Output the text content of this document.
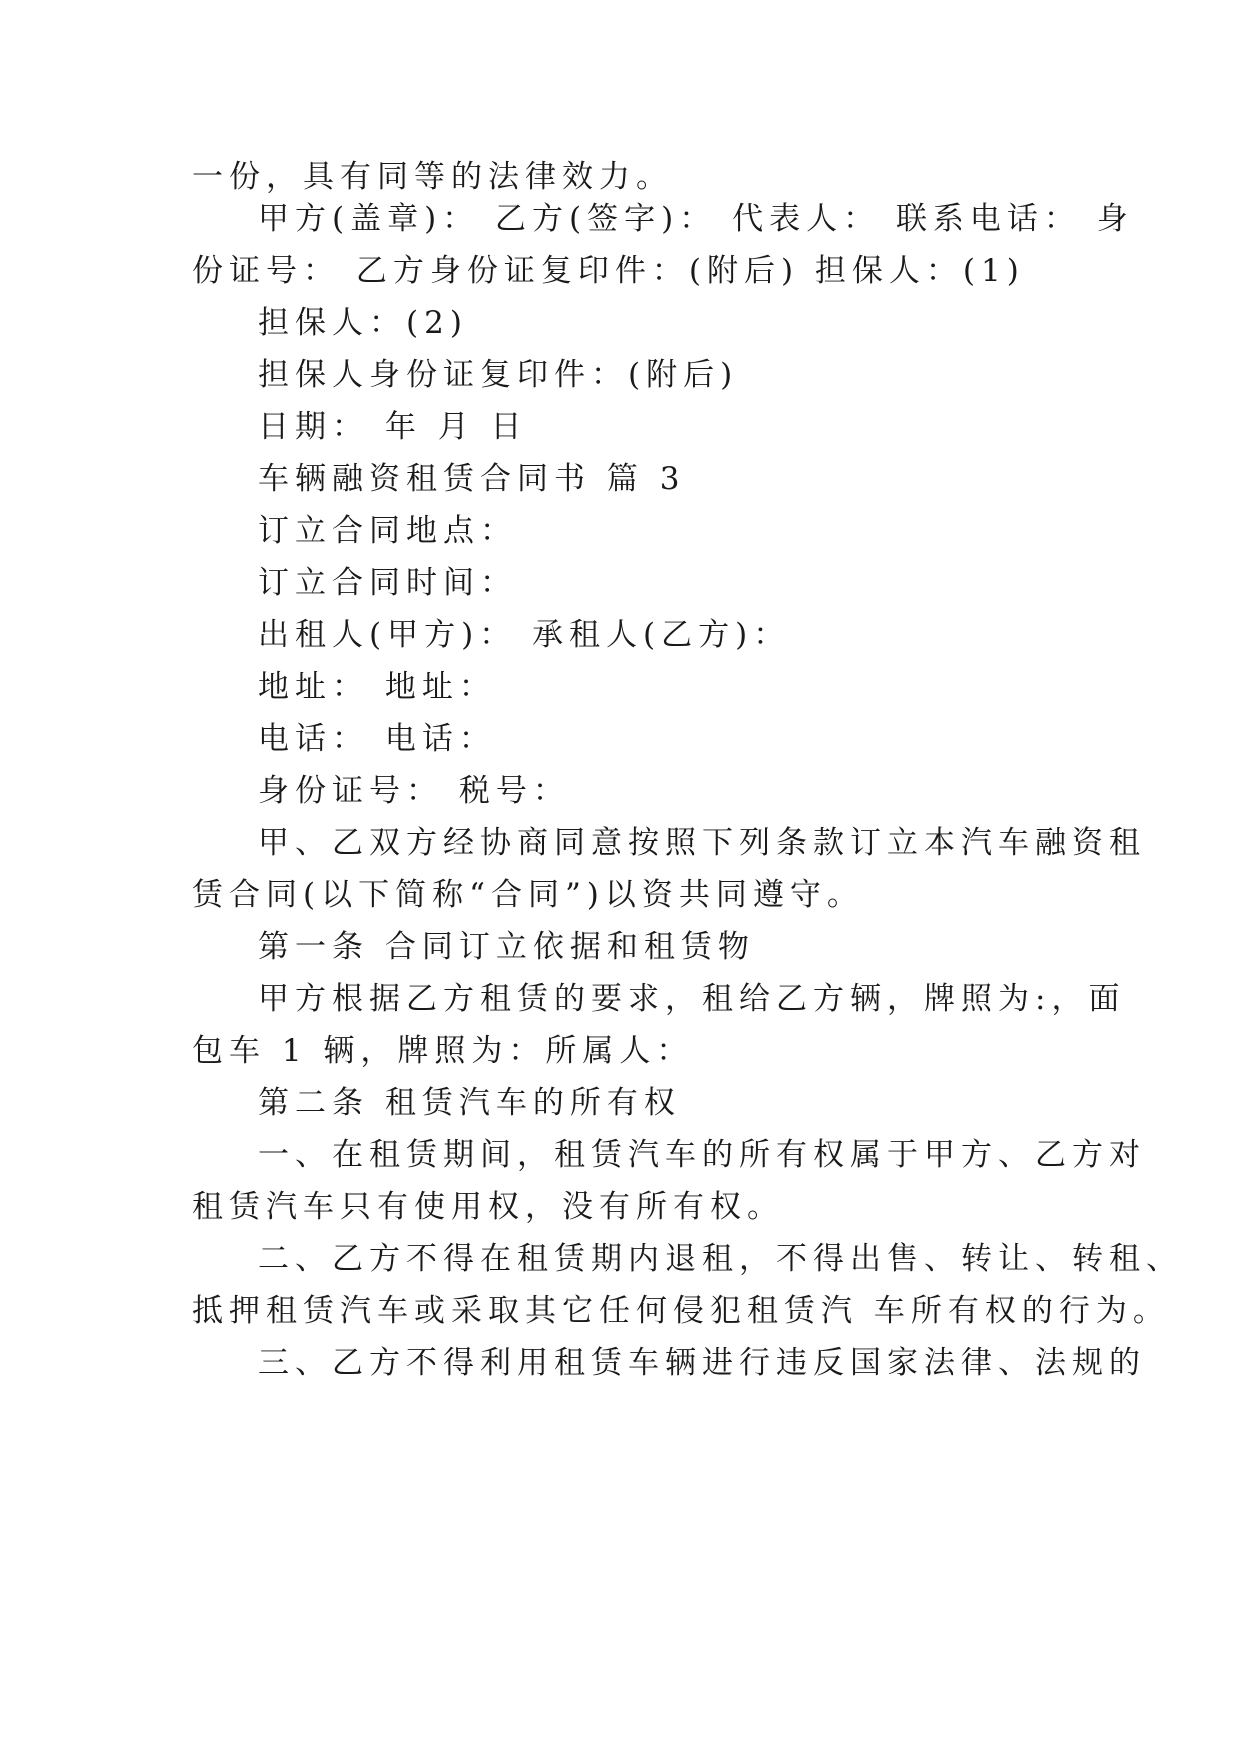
一份，具有同等的法律效力。
甲方(盖章)： 乙方(签字)： 代表人： 联系电话： 身
份证号： 乙方身份证复印件：(附后) 担保人：(1)
担保人：(2)
担保人身份证复印件：(附后)
日期： 年 月 日
车辆融资租赁合同书 篇 3
订立合同地点：
订立合同时间：
出租人(甲方)： 承租人(乙方)：
地址： 地址：
电话： 电话：
身份证号： 税号：
甲、乙双方经协商同意按照下列条款订立本汽车融资租
赁合同(以下简称“合同”)以资共同遵守。
第一条 合同订立依据和租赁物
甲方根据乙方租赁的要求，租给乙方辆，牌照为:，面
包车 1 辆，牌照为：所属人：
第二条 租赁汽车的所有权
一、在租赁期间，租赁汽车的所有权属于甲方、乙方对
租赁汽车只有使用权，没有所有权。
二、乙方不得在租赁期内退租，不得出售、转让、转租、
抵押租赁汽车或采取其它任何侵犯租赁汽 车所有权的行为。
三、乙方不得利用租赁车辆进行违反国家法律、法规的
